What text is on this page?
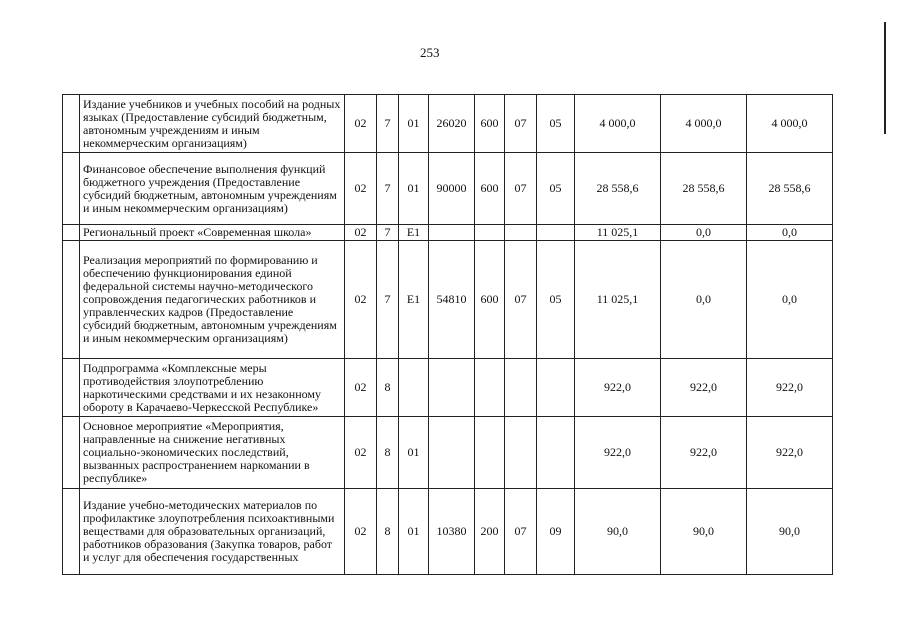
253
	Издание учебников и учебных пособий на родных языках (Предоставление субсидий бюджетным, автономным учреждениям и иным некоммерческим организациям)	02	7	01	26020	600	07	05	4 000,0	4 000,0	4 000,0
	Финансовое обеспечение выполнения функций бюджетного учреждения (Предоставление субсидий бюджетным, автономным учреждениям и иным некоммерческим организациям)	02	7	01	90000	600	07	05	28 558,6	28 558,6	28 558,6
	Региональный проект «Современная школа»	02	7	E1					11 025,1	0,0	0,0
	Реализация мероприятий по формированию и обеспечению функционирования единой федеральной системы научно-методического сопровождения педагогических работников и управленческих кадров (Предоставление субсидий бюджетным, автономным учреждениям и иным некоммерческим организациям)	02	7	E1	54810	600	07	05	11 025,1	0,0	0,0
	Подпрограмма «Комплексные меры противодействия злоупотреблению наркотическими средствами и их незаконному обороту в Карачаево-Черкесской Республике»	02	8						922,0	922,0	922,0
	Основное мероприятие «Мероприятия, направленные на снижение негативных социально-экономических последствий, вызванных распространением наркомании в республике»	02	8	01					922,0	922,0	922,0
	Издание учебно-методических материалов по профилактике злоупотребления психоактивными веществами для образовательных организаций, работников образования (Закупка товаров, работ и услуг для обеспечения государственных	02	8	01	10380	200	07	09	90,0	90,0	90,0
